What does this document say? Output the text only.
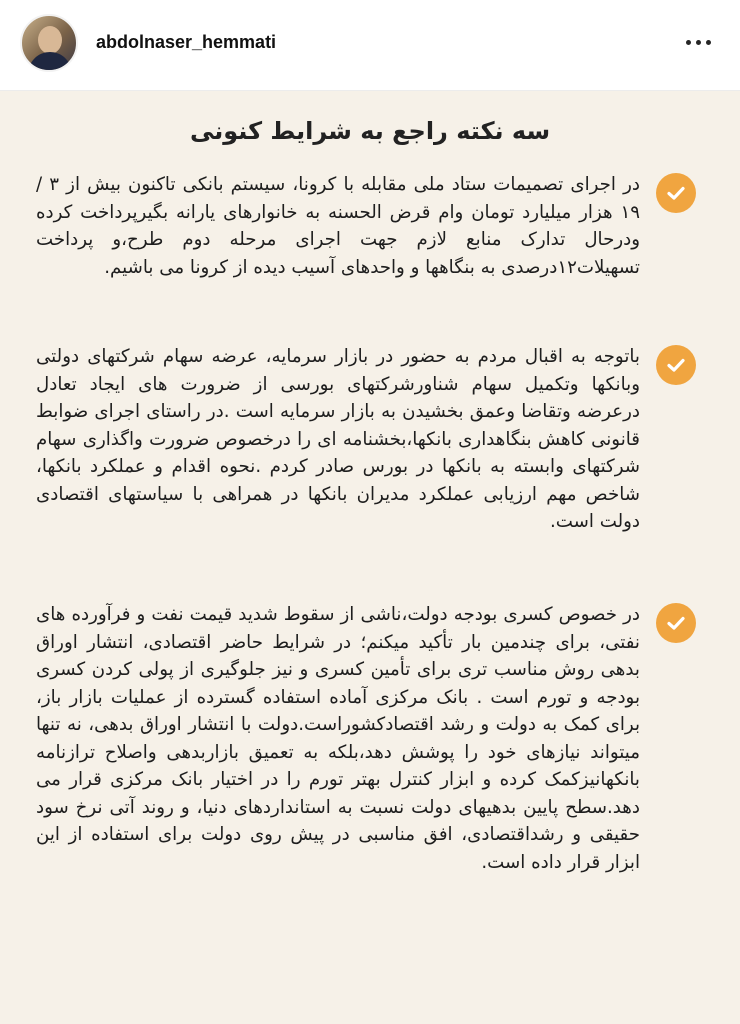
abdolnaser_hemmati
سه نکته راجع به شرایط کنونی
در اجرای تصمیمات ستاد ملی مقابله با کرونا، سیستم بانکی تاکنون بیش از ۳ /۱۹ هزار میلیارد تومان وام قرض الحسنه به خانوارهای یارانه بگیرپرداخت کرده ودرحال تدارک منابع لازم جهت اجرای مرحله دوم طرح،و پرداخت تسهیلات۱۲درصدی به بنگاهها و واحدهای آسیب دیده از کرونا می باشیم.
باتوجه به اقبال مردم به حضور در بازار سرمایه، عرضه سهام شرکتهای دولتی وبانکها وتکمیل سهام شناورشرکتهای بورسی از ضرورت های ایجاد تعادل درعرضه وتقاضا وعمق بخشیدن به بازار سرمایه است .در راستای اجرای ضوابط قانونی کاهش بنگاهداری بانکها،بخشنامه ای را درخصوص ضرورت واگذاری سهام شرکتهای وابسته به بانکها در بورس صادر کردم .نحوه اقدام و عملکرد بانکها، شاخص مهم ارزیابی عملکرد مدیران بانکها در همراهی با سیاستهای اقتصادی دولت است.
در خصوص کسری بودجه دولت،ناشی از سقوط شدید قیمت نفت و فرآورده های نفتی، برای چندمین بار تأکید میکنم؛ در شرایط حاضر اقتصادی، انتشار اوراق بدهی روش مناسب تری برای تأمین کسری و نیز جلوگیری از پولی کردن کسری بودجه و تورم است . بانک مرکزی آماده استفاده گسترده از عملیات بازار باز، برای کمک به دولت و رشد اقتصادکشوراست.دولت با انتشار اوراق بدهی، نه تنها میتواند نیازهای خود را پوشش دهد،بلکه به تعمیق بازاربدهی واصلاح ترازنامه بانکهانیزکمک کرده و ابزار کنترل بهتر تورم را در اختیار بانک مرکزی قرار می دهد.سطح پایین بدهیهای دولت نسبت به استانداردهای دنیا، و روند آتی نرخ سود حقیقی و رشداقتصادی، افق مناسبی در پیش روی دولت برای استفاده از این ابزار قرار داده است.
